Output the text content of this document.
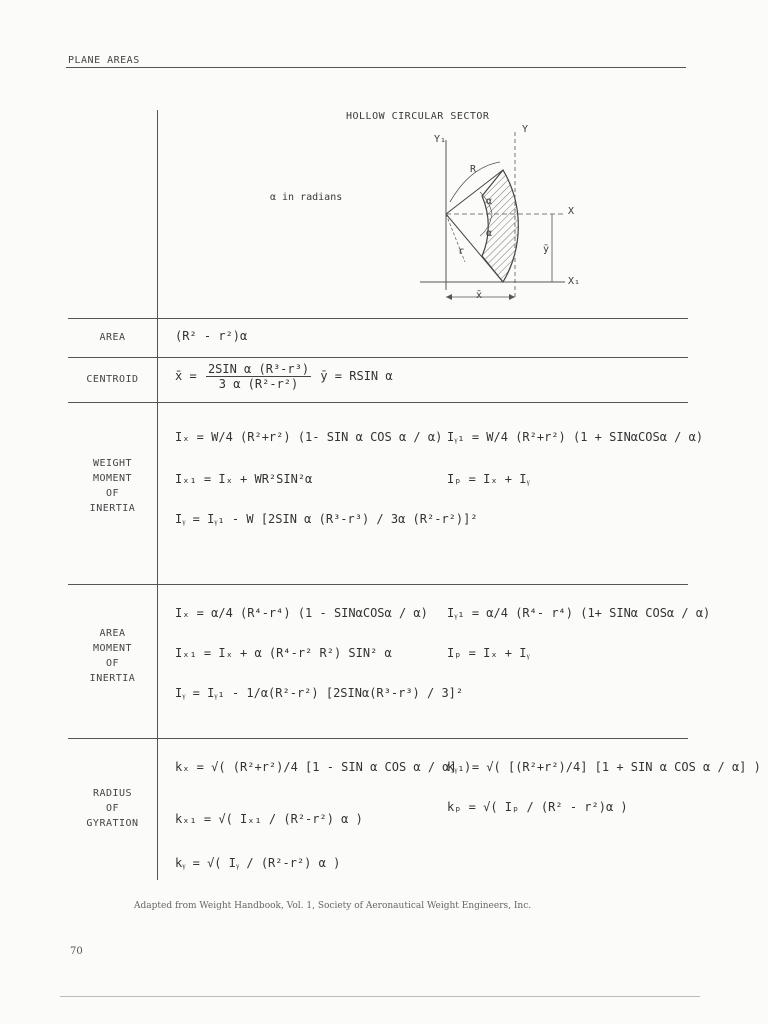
PLANE AREAS
HOLLOW CIRCULAR SECTOR
α in radians
Y₁
Y
R
α
α
X
r
X₁
x̄
ȳ
AREA	(R² - r²)α
CENTROID	x̄ = $\frac{\text{2SIN α (R³-r³)}}{\text{3 α (R²-r²)}}$ ȳ = RSIN α
WEIGHT
MOMENT
OF
INERTIA
Iₓ = W/4 (R²+r²) (1- SIN α COS α / α)
Iₓ₁ = Iₓ + WR²SIN²α
Iᵧ = Iᵧ₁ - W [2SIN α (R³-r³) / 3α (R²-r²)]²
Iᵧ₁ = W/4 (R²+r²) (1 + SINαCOSα / α)
Iₚ = Iₓ + Iᵧ
AREA
MOMENT
OF
INERTIA
Iₓ = α/4 (R⁴-r⁴) (1 - SINαCOSα / α)
Iₓ₁ = Iₓ + α (R⁴-r² R²) SIN² α
Iᵧ = Iᵧ₁ - 1/α(R²-r²) [2SINα(R³-r³) / 3]²
Iᵧ₁ = α/4 (R⁴- r⁴) (1+ SINα COSα / α)
Iₚ = Iₓ + Iᵧ
RADIUS
OF
GYRATION
kₓ = √( (R²+r²)/4 [1 - SIN α COS α / α] )
kₓ₁ = √( Iₓ₁ / (R²-r²) α )
kᵧ = √( Iᵧ / (R²-r²) α )
kᵧ₁ = √( [(R²+r²)/4] [1 + SIN α COS α / α] )
kₚ = √( Iₚ / (R² - r²)α )
Adapted from Weight Handbook, Vol. 1, Society of Aeronautical Weight Engineers, Inc.
70
